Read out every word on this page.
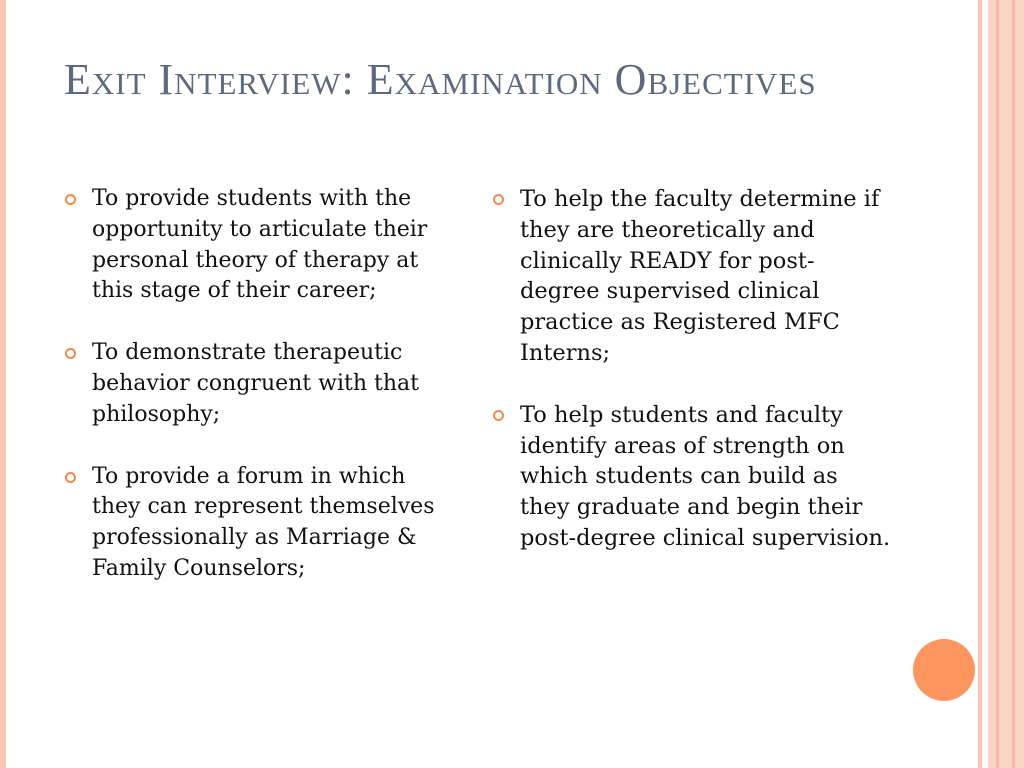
Exit Interview: Examination Objectives
To provide students with the opportunity to articulate their personal theory of therapy at this stage of their career;
To demonstrate therapeutic behavior congruent with that philosophy;
To provide a forum in which they can represent themselves professionally as Marriage & Family Counselors;
To help the faculty determine if they are theoretically and clinically READY for post-degree supervised clinical practice as Registered MFC Interns;
To help students and faculty identify areas of strength on which students can build as they graduate and begin their post-degree clinical supervision.
